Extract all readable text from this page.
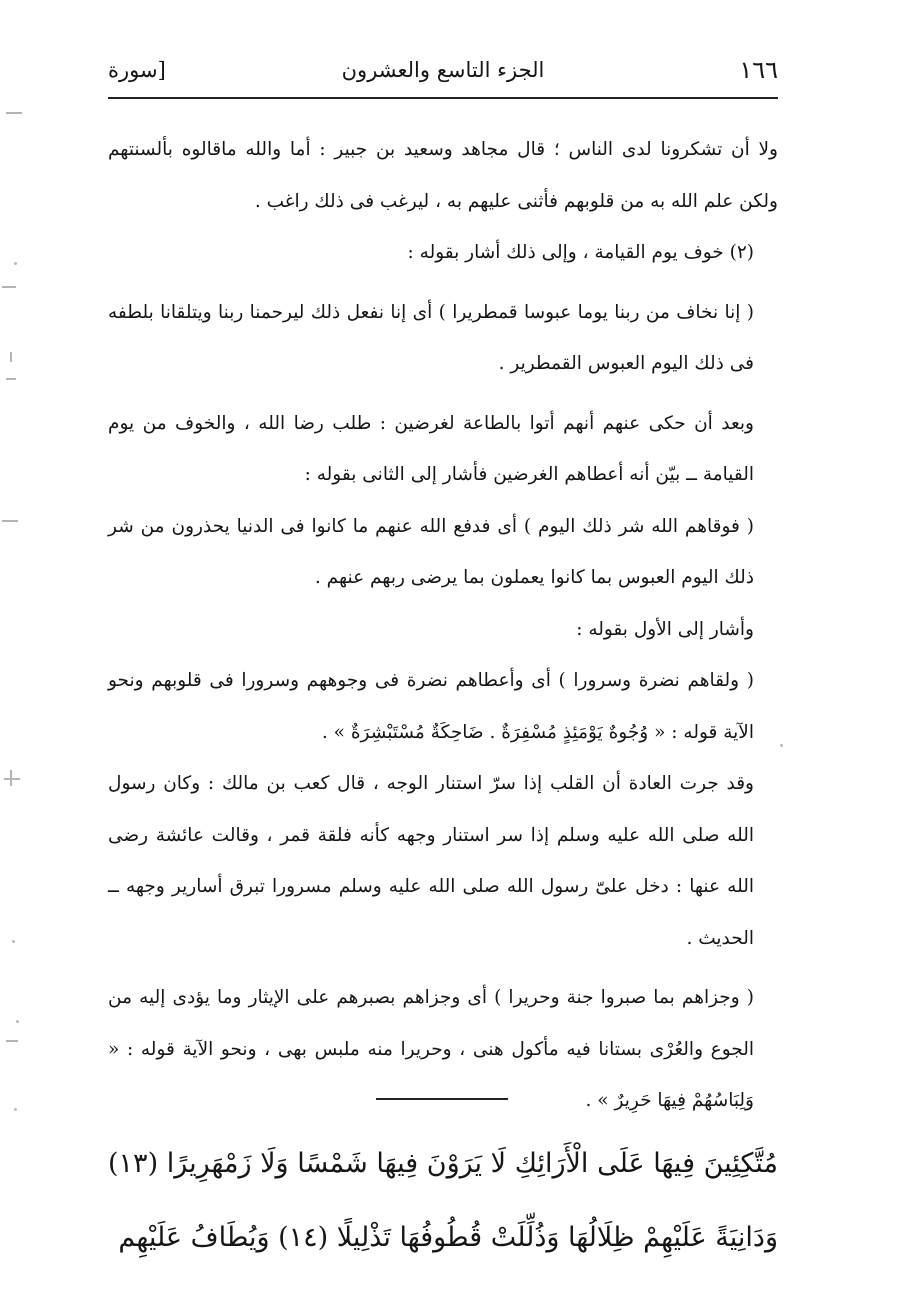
١٦٦
الجزء التاسع والعشرون
[سورة

ولا أن تشكرونا لدى الناس ؛ قال مجاهد وسعيد بن جبير : أما والله ماقالوه بألسنتهم ولكن علم الله به من قلوبهم فأثنى عليهم به ، ليرغب فى ذلك راغب .

(٢) خوف يوم القيامة ، وإلى ذلك أشار بقوله :

( إنا نخاف من ربنا يوما عبوسا قمطريرا ) أى إنا نفعل ذلك ليرحمنا ربنا ويتلقانا بلطفه فى ذلك اليوم العبوس القمطرير .

وبعد أن حكى عنهم أنهم أتوا بالطاعة لغرضين : طلب رضا الله ، والخوف من يوم القيامة ــ بيّن أنه أعطاهم الغرضين فأشار إلى الثانى بقوله :

( فوقاهم الله شر ذلك اليوم ) أى فدفع الله عنهم ما كانوا فى الدنيا يحذرون من شر ذلك اليوم العبوس بما كانوا يعملون بما يرضى ربهم عنهم .

وأشار إلى الأول بقوله :

( ولقاهم نضرة وسرورا ) أى وأعطاهم نضرة فى وجوههم وسرورا فى قلوبهم ونحو الآية قوله : « وُجُوهٌ يَوْمَئِذٍ مُسْفِرَةٌ . ضَاحِكَةٌ مُسْتَبْشِرَةٌ » .

وقد جرت العادة أن القلب إذا سرّ استنار الوجه ، قال كعب بن مالك : وكان رسول الله صلى الله عليه وسلم إذا سر استنار وجهه كأنه فلقة قمر ، وقالت عائشة رضى الله عنها : دخل علىّ رسول الله صلى الله عليه وسلم مسرورا تبرق أسارير وجهه ــ الحديث .

( وجزاهم بما صبروا جنة وحريرا ) أى وجزاهم بصبرهم على الإيثار وما يؤدى إليه من الجوع والعُرْى بستانا فيه مأكول هنى ، وحريرا منه ملبس بهى ، ونحو الآية قوله : « وَلِبَاسُهُمْ فِيهَا حَرِيرٌ » .

مُتَّكِئِينَ فِيهَا عَلَى الْأَرَائِكِ لَا يَرَوْنَ فِيهَا شَمْسًا وَلَا زَمْهَرِيرًا (١٣) وَدَانِيَةً عَلَيْهِمْ ظِلَالُهَا وَذُلِّلَتْ قُطُوفُهَا تَذْلِيلًا (١٤) وَيُطَافُ عَلَيْهِم
